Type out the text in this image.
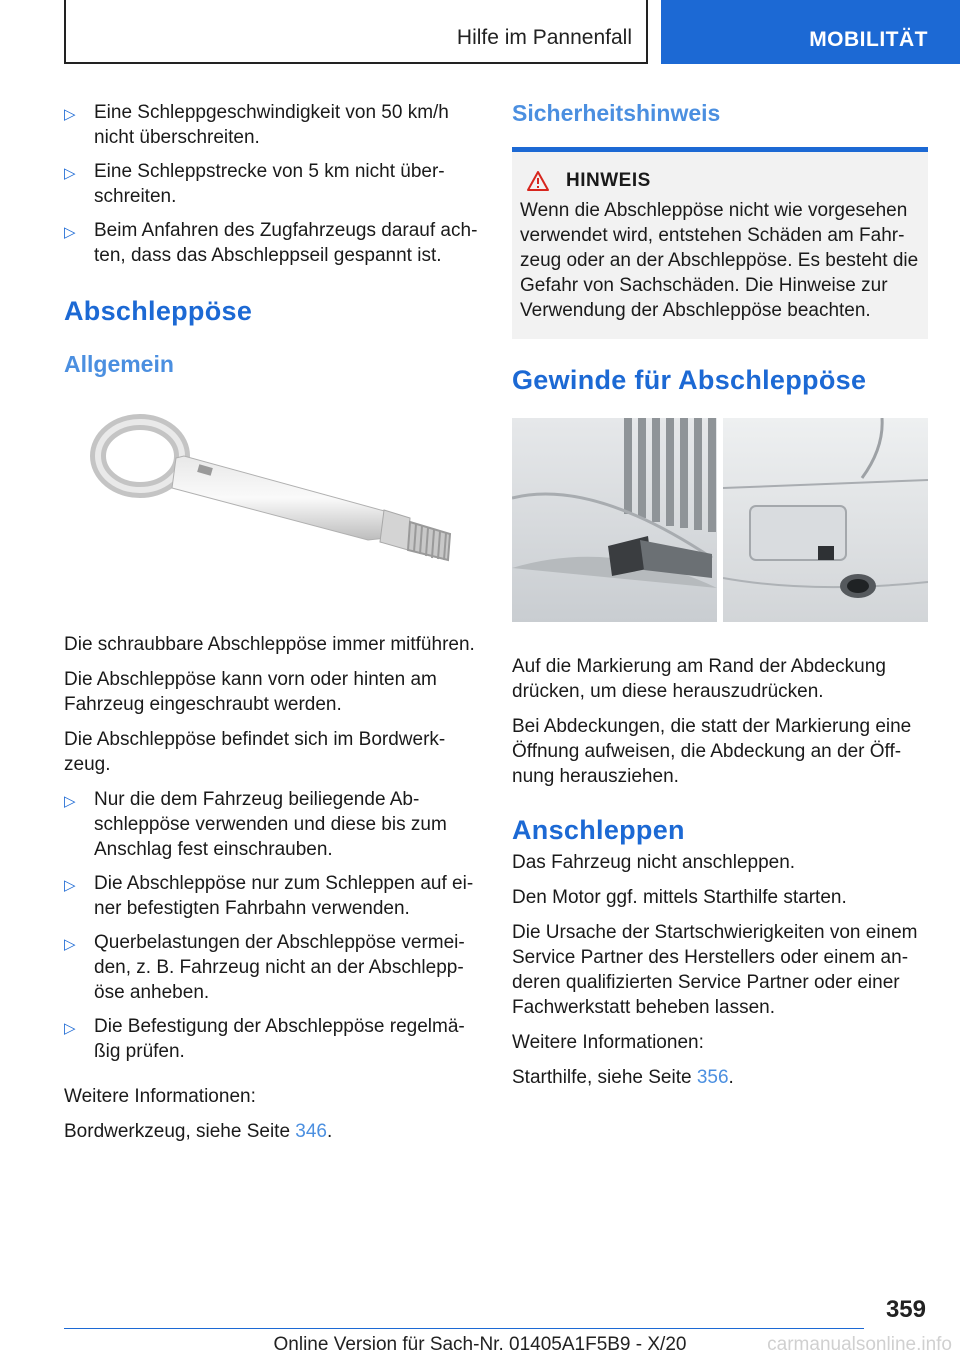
Hilfe im Pannenfall	MOBILITÄT
▷ Eine Schleppgeschwindigkeit von 50 km/h nicht überschreiten.
▷ Eine Schleppstrecke von 5 km nicht überschreiten.
▷ Beim Anfahren des Zugfahrzeugs darauf achten, dass das Abschleppseil gespannt ist.
Abschleppöse
Allgemein

Die schraubbare Abschleppöse immer mitführen.

Die Abschleppöse kann vorn oder hinten am Fahrzeug eingeschraubt werden.

Die Abschleppöse befindet sich im Bordwerkzeug.

▷ Nur die dem Fahrzeug beiliegende Abschleppöse verwenden und diese bis zum Anschlag fest einschrauben.
▷ Die Abschleppöse nur zum Schleppen auf einer befestigten Fahrbahn verwenden.
▷ Querbelastungen der Abschleppöse vermeiden, z. B. Fahrzeug nicht an der Abschleppöse anheben.
▷ Die Befestigung der Abschleppöse regelmäßig prüfen.

Weitere Informationen:

Bordwerkzeug, siehe Seite 346.

Sicherheitshinweis
HINWEIS

Wenn die Abschleppöse nicht wie vorgesehen verwendet wird, entstehen Schäden am Fahrzeug oder an der Abschleppöse. Es besteht die Gefahr von Sachschäden. Die Hinweise zur Verwendung der Abschleppöse beachten.

Gewinde für Abschleppöse

Auf die Markierung am Rand der Abdeckung drücken, um diese herauszudrücken.

Bei Abdeckungen, die statt der Markierung eine Öffnung aufweisen, die Abdeckung an der Öffnung herausziehen.

Anschleppen

Das Fahrzeug nicht anschleppen.

Den Motor ggf. mittels Starthilfe starten.

Die Ursache der Startschwierigkeiten von einem Service Partner des Herstellers oder einem anderen qualifizierten Service Partner oder einer Fachwerkstatt beheben lassen.

Weitere Informationen:

Starthilfe, siehe Seite 356.

359
Online Version für Sach-Nr. 01405A1F5B9 - X/20	carmanualsonline.info
